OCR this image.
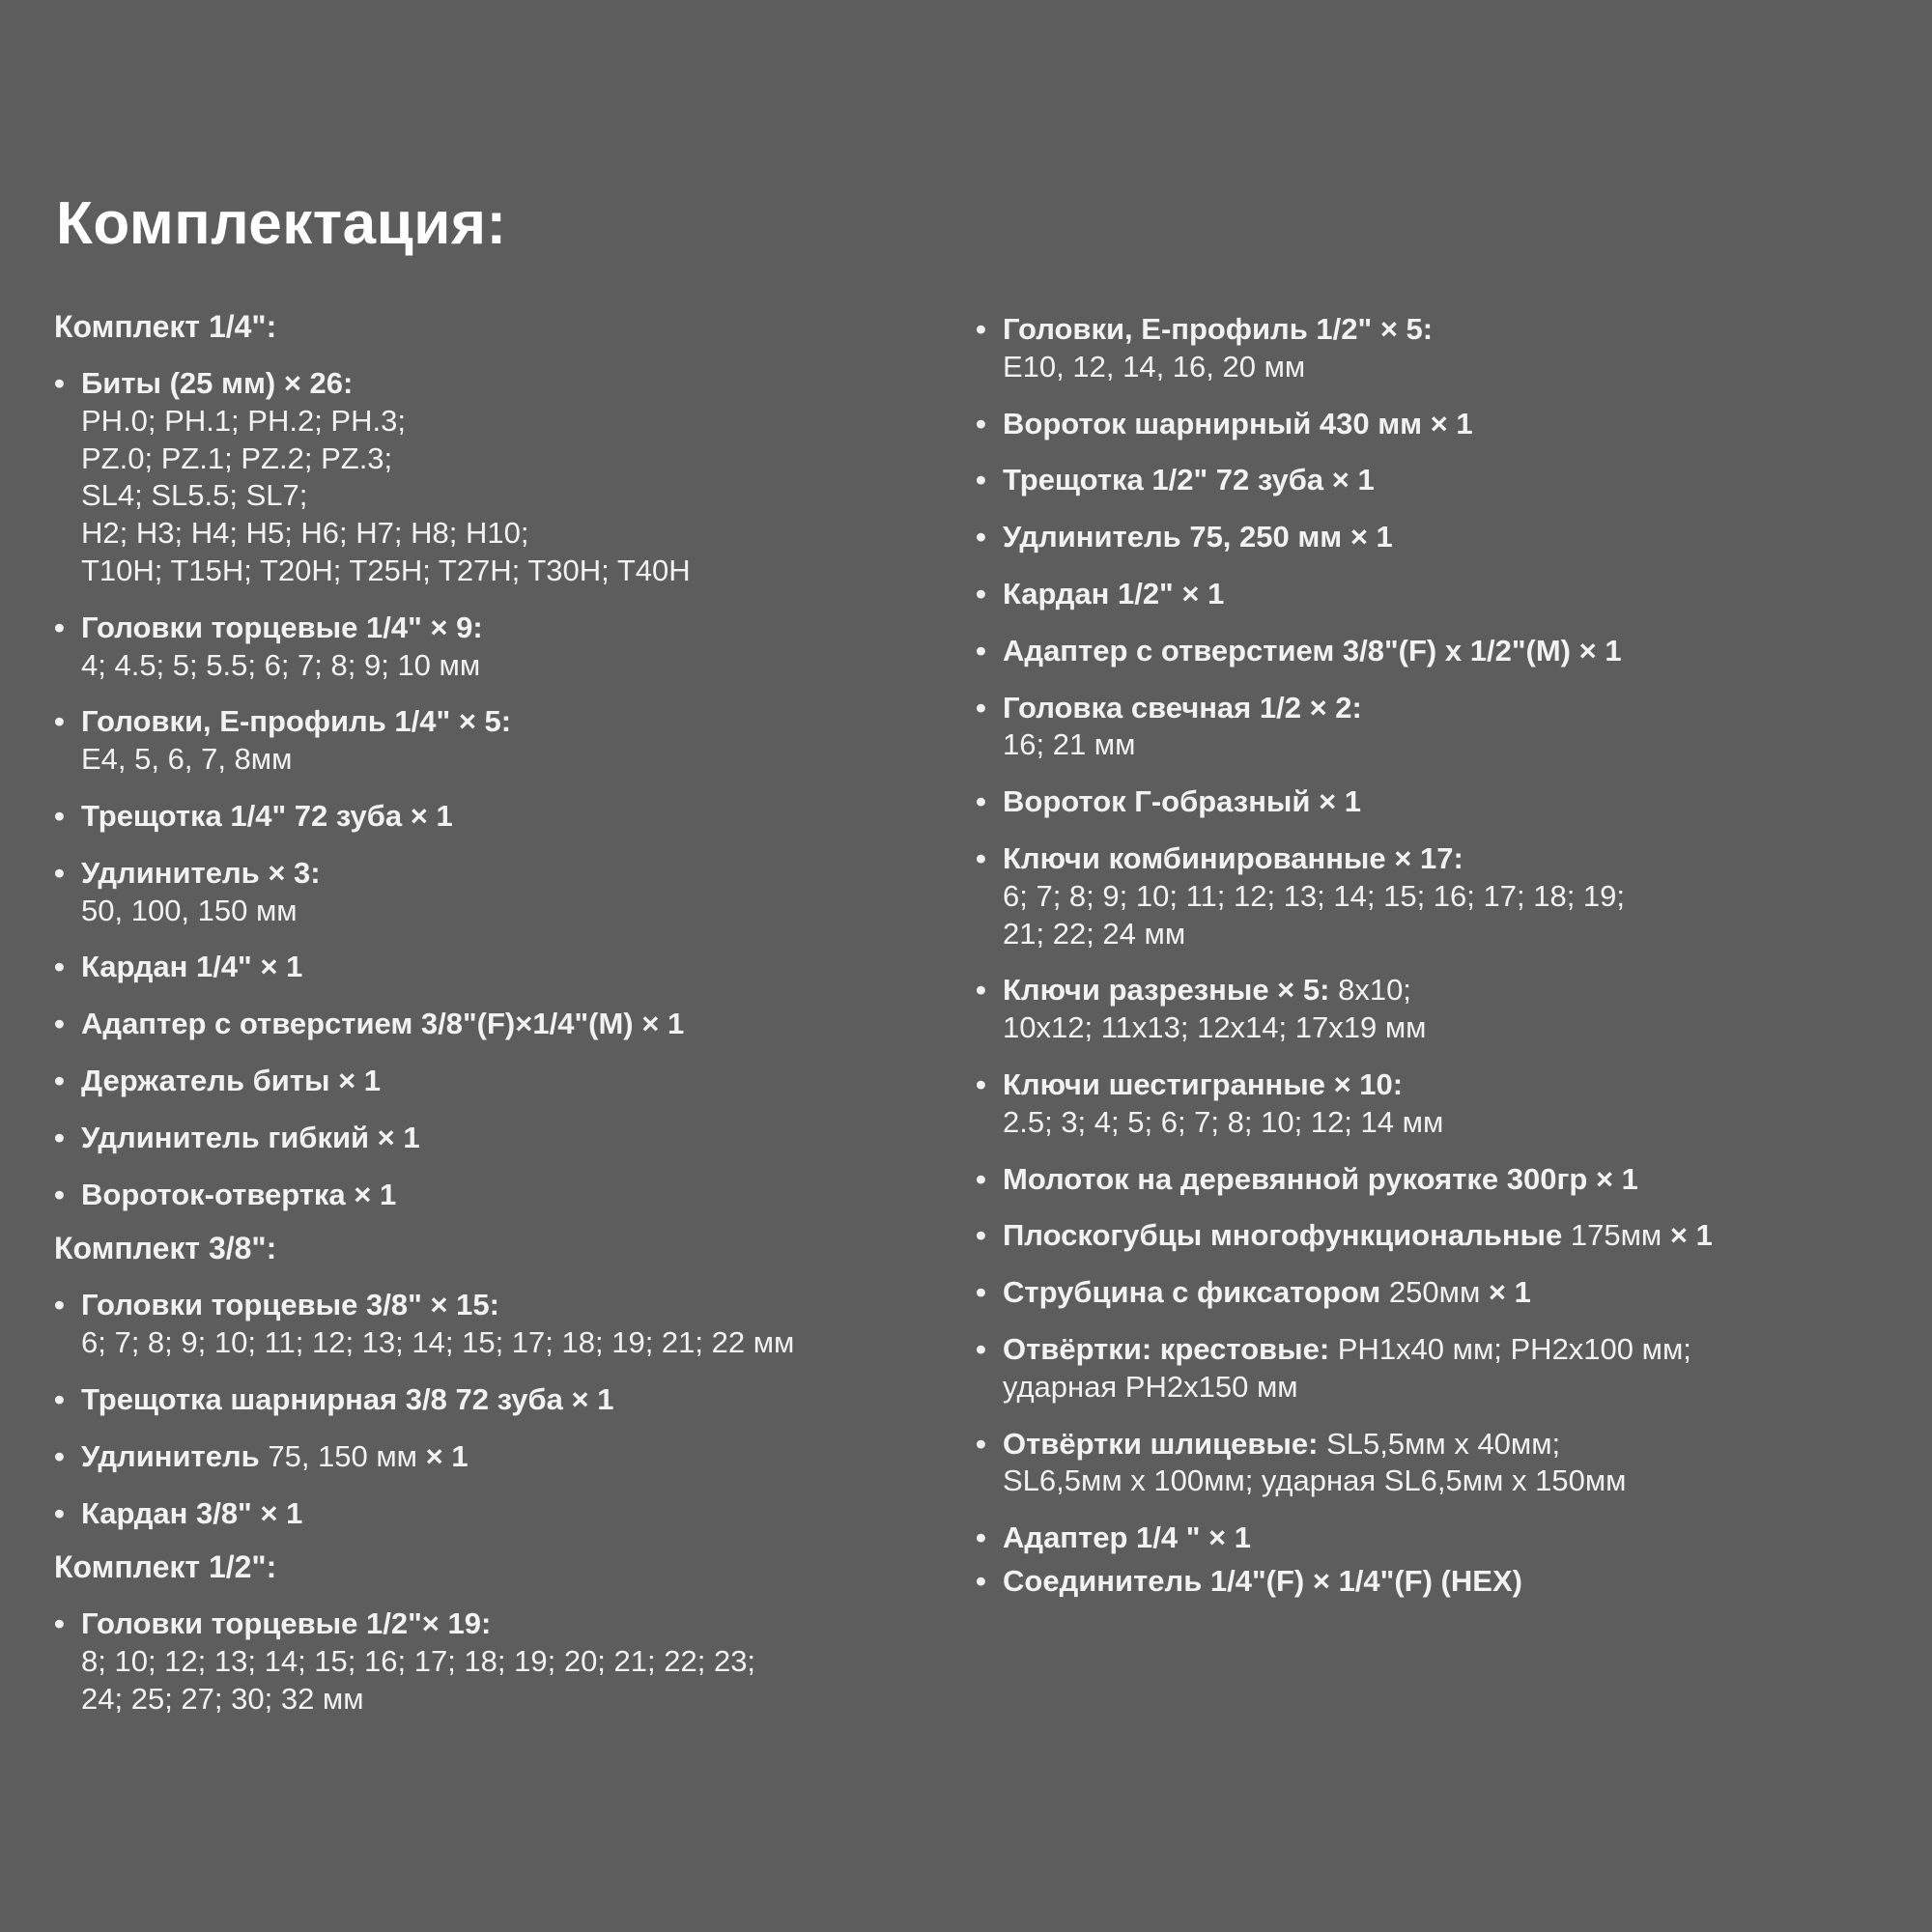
Комплектация:
Комплект 1/4":
• Биты (25 мм) × 26:
PH.0; PH.1; PH.2; PH.3;
PZ.0; PZ.1; PZ.2; PZ.3;
SL4; SL5.5; SL7;
H2; H3; H4; H5; H6; H7; H8; H10;
T10H; T15H; T20H; T25H; T27H; T30H; T40H
• Головки торцевые 1/4" × 9:
4; 4.5; 5; 5.5; 6; 7; 8; 9; 10 мм
• Головки, Е-профиль 1/4" × 5:
E4, 5, 6, 7, 8мм
• Трещотка 1/4" 72 зуба × 1
• Удлинитель × 3:
50, 100, 150 мм
• Кардан 1/4" × 1
• Адаптер с отверстием 3/8"(F)×1/4"(M) × 1
• Держатель биты × 1
• Удлинитель гибкий × 1
• Вороток-отвертка × 1
Комплект 3/8":
• Головки торцевые 3/8" × 15:
6; 7; 8; 9; 10; 11; 12; 13; 14; 15; 17; 18; 19; 21; 22 мм
• Трещотка шарнирная 3/8 72 зуба × 1
• Удлинитель 75, 150 мм × 1
• Кардан 3/8" × 1
Комплект 1/2":
• Головки торцевые 1/2"× 19:
8; 10; 12; 13; 14; 15; 16; 17; 18; 19; 20; 21; 22; 23;
24; 25; 27; 30; 32 мм
• Головки, Е-профиль 1/2" × 5:
E10, 12, 14, 16, 20 мм
• Вороток шарнирный 430 мм × 1
• Трещотка 1/2" 72 зуба × 1
• Удлинитель 75, 250 мм × 1
• Кардан 1/2" × 1
• Адаптер с отверстием 3/8"(F) x 1/2"(M) × 1
• Головка свечная 1/2 × 2:
16; 21 мм
• Вороток Г-образный × 1
• Ключи комбинированные × 17:
6; 7; 8; 9; 10; 11; 12; 13; 14; 15; 16; 17; 18; 19;
21; 22; 24 мм
• Ключи разрезные × 5: 8x10;
10x12; 11x13; 12x14; 17x19 мм
• Ключи шестигранные × 10:
2.5; 3; 4; 5; 6; 7; 8; 10; 12; 14 мм
• Молоток на деревянной рукоятке 300гр × 1
• Плоскогубцы многофункциональные 175мм × 1
• Струбцина с фиксатором 250мм × 1
• Отвёртки: крестовые: PH1x40 мм; PH2x100 мм;
ударная PH2x150 мм
• Отвёртки шлицевые: SL5,5мм х 40мм;
SL6,5мм х 100мм; ударная SL6,5мм х 150мм
• Адаптер 1/4 " × 1
• Соединитель 1/4"(F) × 1/4"(F) (HEX)
